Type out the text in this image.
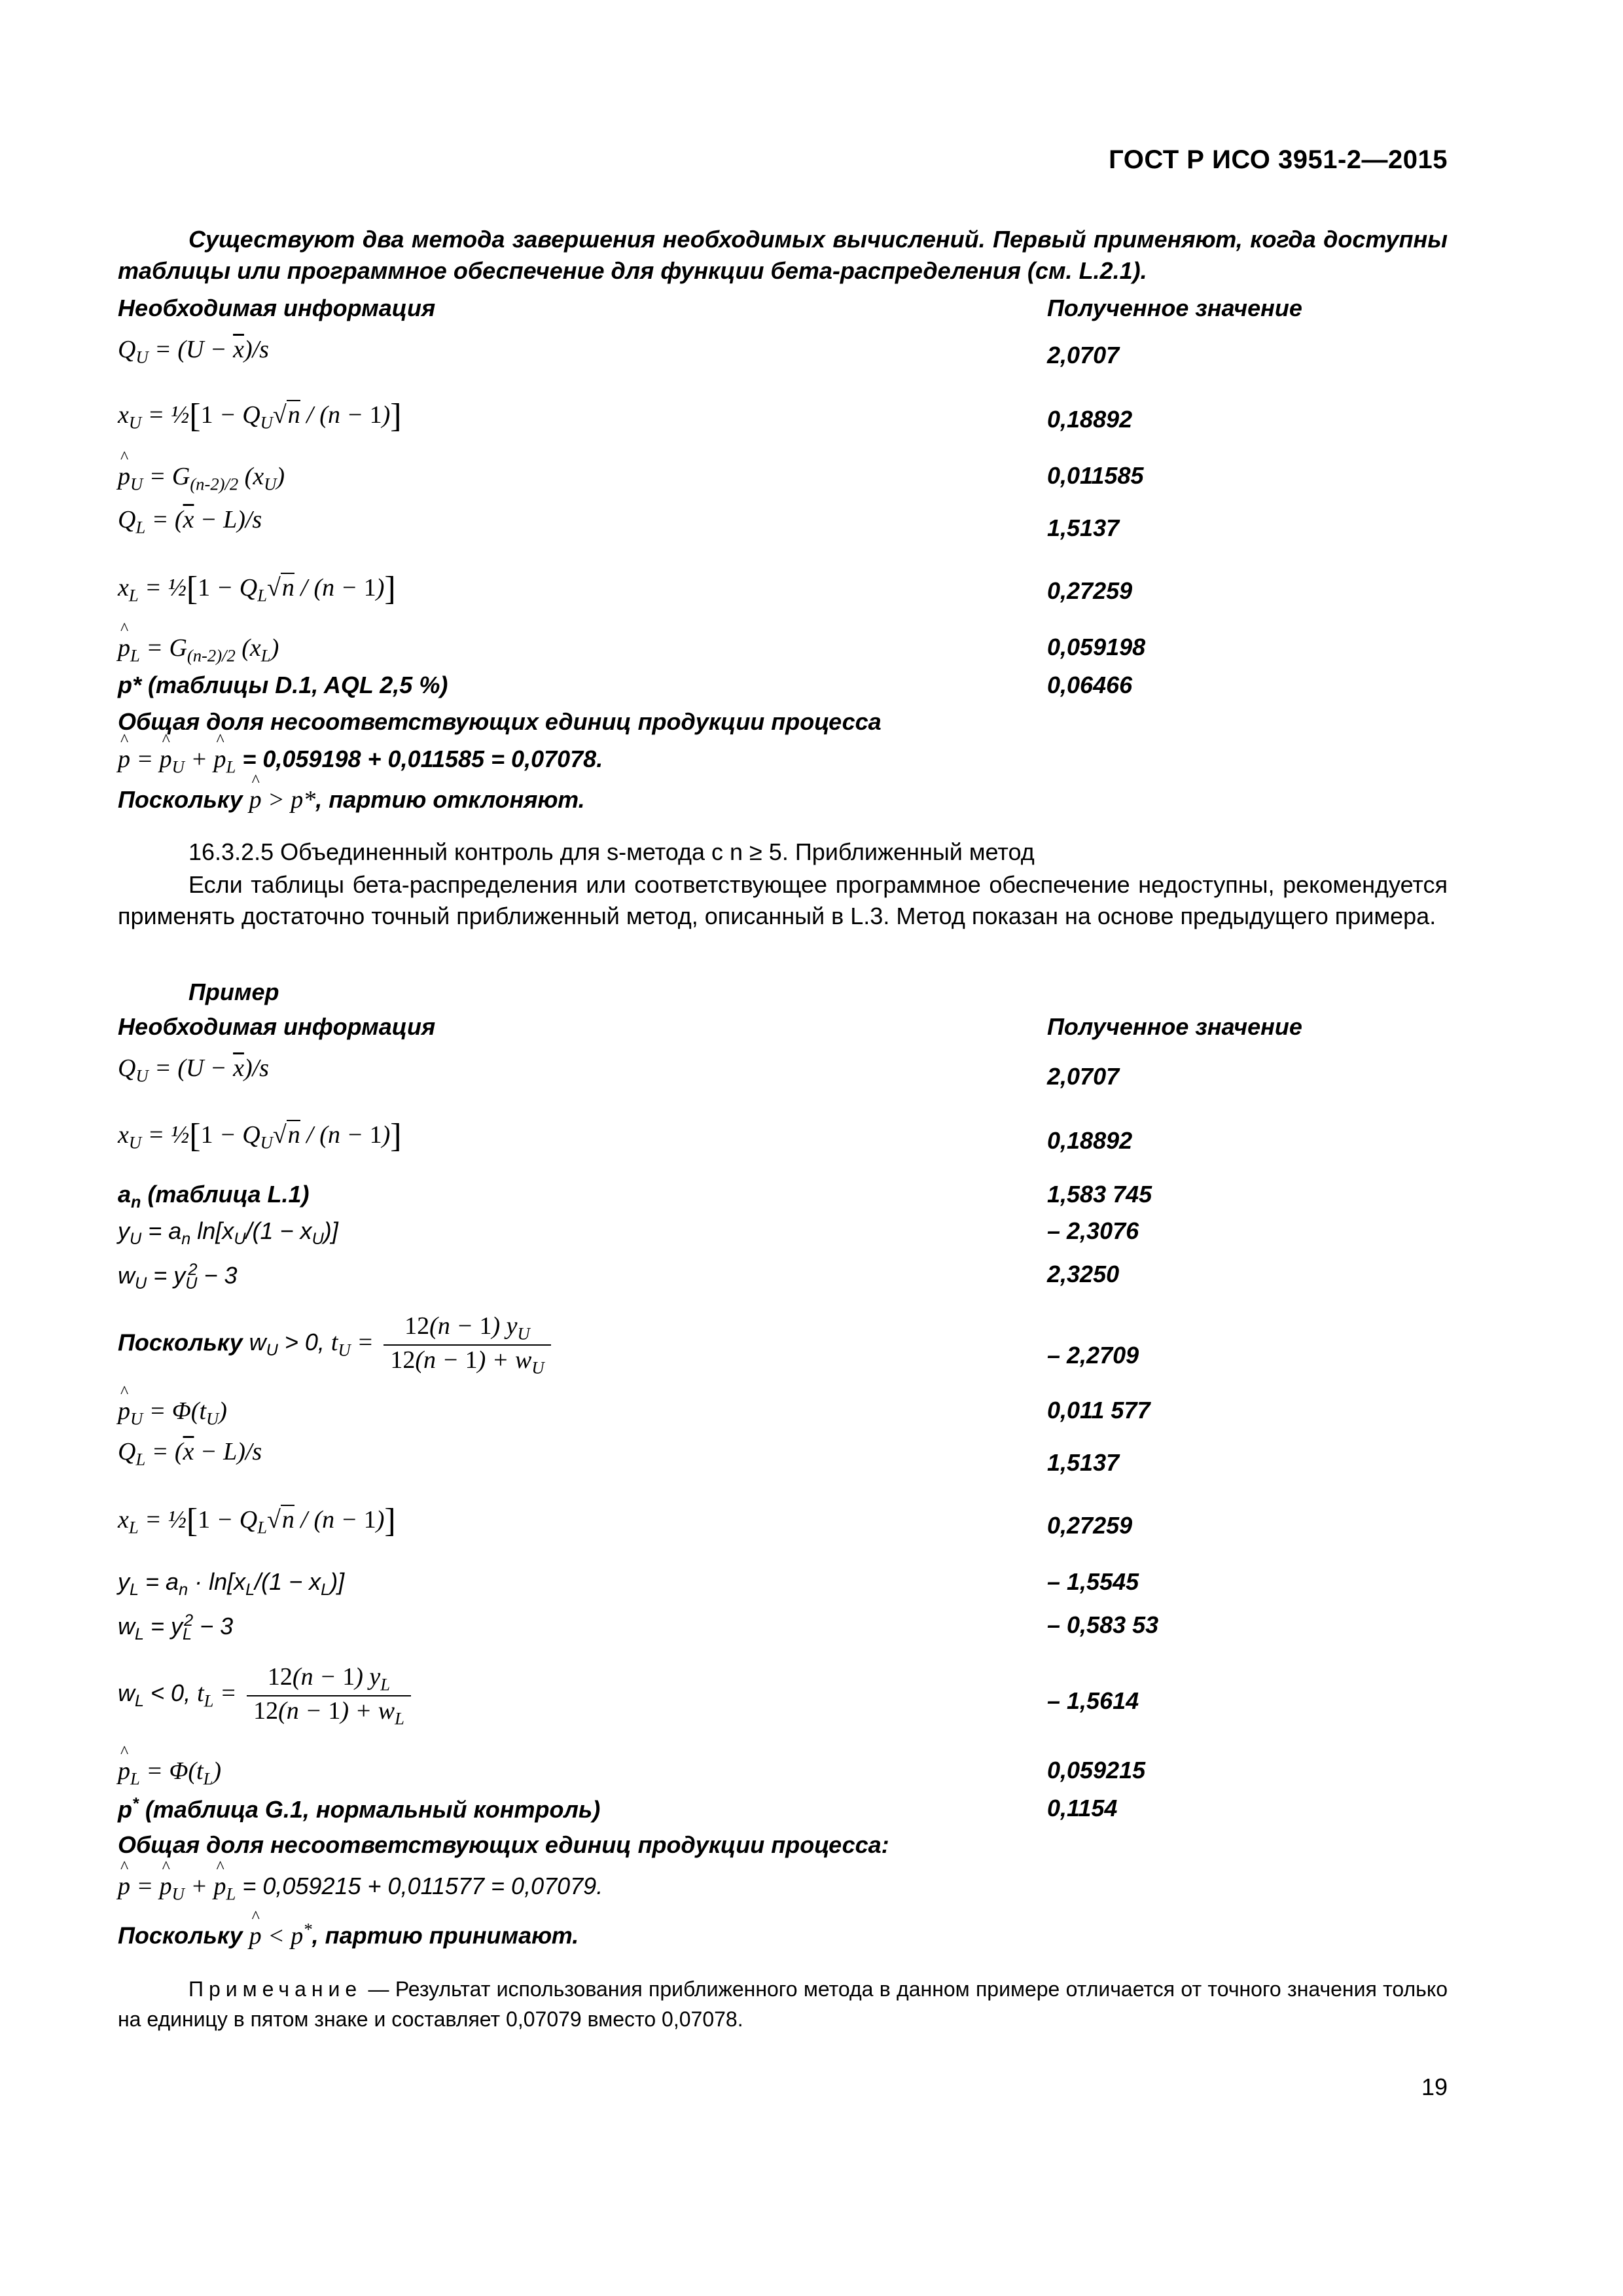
ГОСТ Р ИСО 3951-2—2015
Существуют два метода завершения необходимых вычислений. Первый применяют, когда доступны таблицы или программное обеспечение для функции бета-распределения (см. L.2.1).
Необходимая информация	Полученное значение
$Q_U = (U - \overline{x})/s$	2,0707
$x_U$ = ½[1 − $Q_U√n / (n - 1)$]	0,18892
^ $p_U = G_{(n-2)/2}$ $(x_U)$	0,011585
$Q_L = (\overline{x} - L)/s$	1,5137
$x_L$ = ½[1 − $Q_L√n / (n - 1)$]	0,27259
^ $p_L = G_{(n-2)/2}$ $(x_L)$	0,059198
p* (таблицы D.1, AQL 2,5 %)	0,06466
Общая доля несоответствующих единиц продукции процесса
^ p = ^ $p_U$ + ^ $p_L = 0,059198 + 0,011585 = 0,07078$.
Поскольку ^ p > p*, партию отклоняют.
16.3.2.5 Объединенный контроль для s-метода с n ≥ 5. Приближенный метод
Если таблицы бета-распределения или соответствующее программное обеспечение недоступны, рекомендуется применять достаточно точный приближенный метод, описанный в L.3. Метод показан на основе предыдущего примера.
Пример
Необходимая информация	Полученное значение
$Q_U = (U - \overline{x})/s$	2,0707
$x_U$ = ½[1 − $Q_U√n / (n - 1)$]	0,18892
$a_n$ (таблица L.1)	1,583 745
$y_U = a_n$ $\ln[x_U/(1 - x_U)]$	– 2,3076
$w_U = y_U^2 - 3$	2,3250
Поскольку $w_U > 0$, $t_U = \frac{12(n - 1) y_U}{12(n - 1) + w_U}$	– 2,2709
^ $p_U = \Phi(t_U)$	0,011 577
$Q_L = (\overline{x} - L)/s$	1,5137
$x_L$ = ½[1 − $Q_L√n / (n - 1)$]	0,27259
$y_L = a_n \cdot \ln[x_L/(1 - x_L)]$	– 1,5545
$w_L = y_L^2 - 3$	– 0,583 53
$w_L < 0$, $t_L = \frac{12(n - 1) y_L}{12(n - 1) + w_L}$	– 1,5614
^ $p_L = \Phi(t_L)$	0,059215
p* (таблица G.1, нормальный контроль)	0,1154
Общая доля несоответствующих единиц продукции процесса:
^ p = ^ $p_U$ + ^ $p_L = 0,059215 + 0,011577 = 0,07079$.
Поскольку ^ p < p*, партию принимают.
Примечание — Результат использования приближенного метода в данном примере отличается от точного значения только на единицу в пятом знаке и составляет 0,07079 вместо 0,07078.
19
